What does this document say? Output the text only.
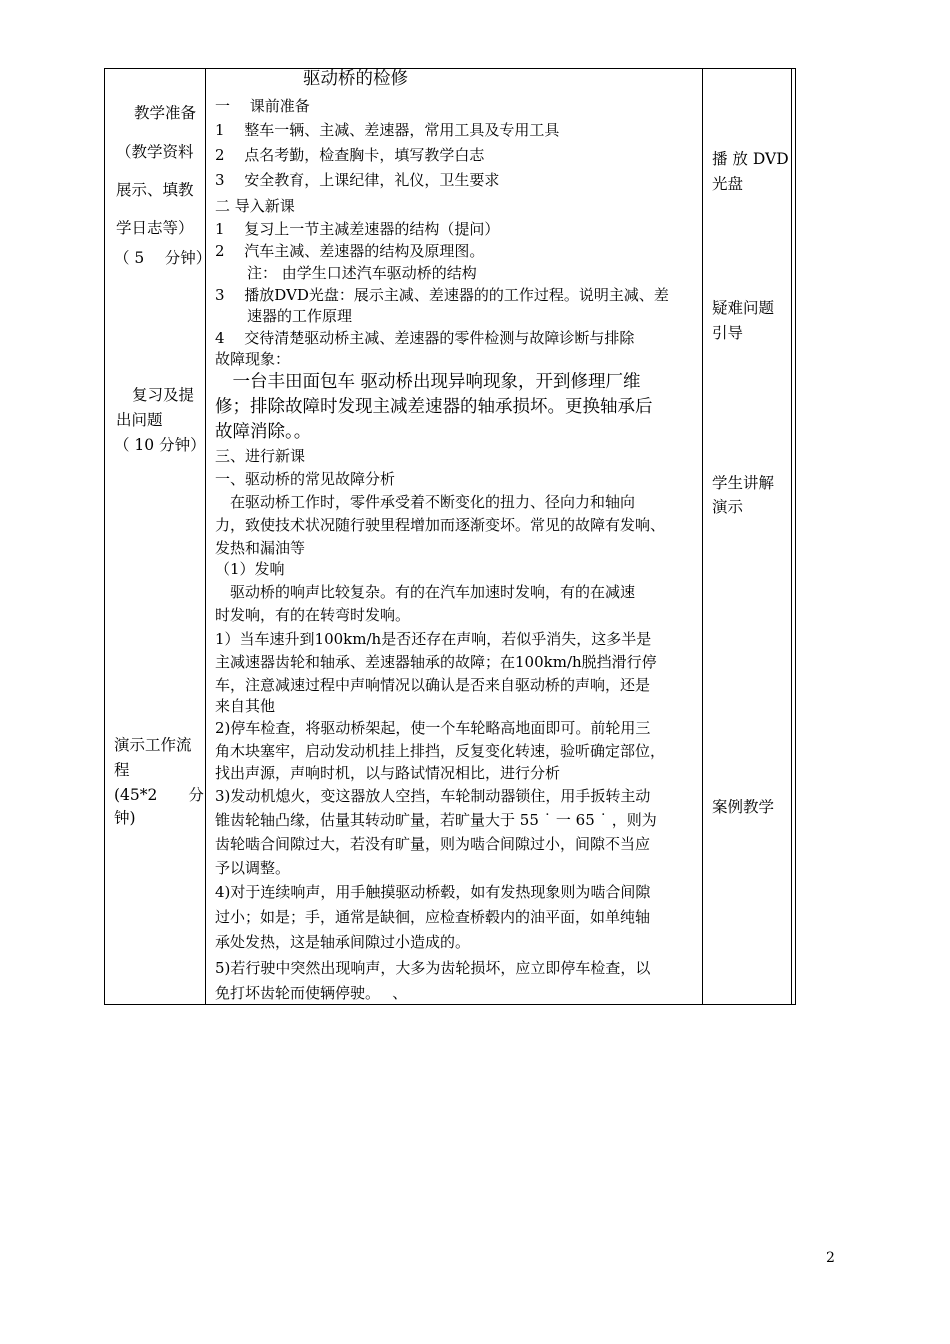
教学准备
（教学资料
展示、填教
学日志等）
（ 5　 分钟）
复习及提
出问题
（ 10 分钟）
演示工作流
程
(45*2　　分
钟)
驱动桥的检修
一　 课前准备
1　 整车一辆、主减、差速器，常用工具及专用工具
2　 点名考勤，检查胸卡，填写教学白志
3　 安全教育，上课纪律，礼仪，卫生要求
二 导入新课
1　 复习上一节主减差速器的结构（提问）
2　 汽车主减、差速器的结构及原理图。
注： 由学生口述汽车驱动桥的结构
3　 播放DVD光盘：展示主减、差速器的的工作过程。说明主减、差
速器的工作原理
4　 交待清楚驱动桥主减、差速器的零件检测与故障诊断与排除
故障现象：
　一台丰田面包车 驱动桥出现异响现象，开到修理厂维
修；排除故障时发现主减差速器的轴承损坏。更换轴承后
故障消除。。
三、进行新课
一、驱动桥的常见故障分析
　在驱动桥工作时，零件承受着不断变化的扭力、径向力和轴向
力，致使技术状况随行驶里程增加而逐渐变坏。常见的故障有发响、
发热和漏油等
（1）发响
　驱动桥的响声比较复杂。有的在汽车加速时发响，有的在减速
时发响，有的在转弯时发响。
1）当车速升到100km/h是否还存在声响，若似乎消失，这多半是
主减速器齿轮和轴承、差速器轴承的故障；在100km/h脱挡滑行停
车，注意减速过程中声响情况以确认是否来自驱动桥的声响，还是
来自其他
2)停车检查，将驱动桥架起，使一个车轮略高地面即可。前轮用三
角木块塞牢，启动发动机挂上排挡，反复变化转速，验听确定部位，
找出声源，声响时机，以与路试情况相比，进行分析
3)发动机熄火，变这器放人空挡，车轮制动器锁住，用手扳转主动
锥齿轮轴凸缘，估量其转动旷量，若旷量大于 55 ˙ 一 65 ˙ ，则为
齿轮啮合间隙过大，若没有旷量，则为啮合间隙过小，间隙不当应
予以调整。
4)对于连续响声，用手触摸驱动桥毂，如有发热现象则为啮合间隙
过小；如是；手，通常是缺徊，应检查桥毂内的油平面，如单纯轴
承处发热，这是轴承间隙过小造成的。
5)若行驶中突然出现响声，大多为齿轮损坏，应立即停车检查，以
免打坏齿轮而使辆停驶。　 、
播 放 DVD
光盘
疑难问题
引导
学生讲解
演示
案例教学
2
